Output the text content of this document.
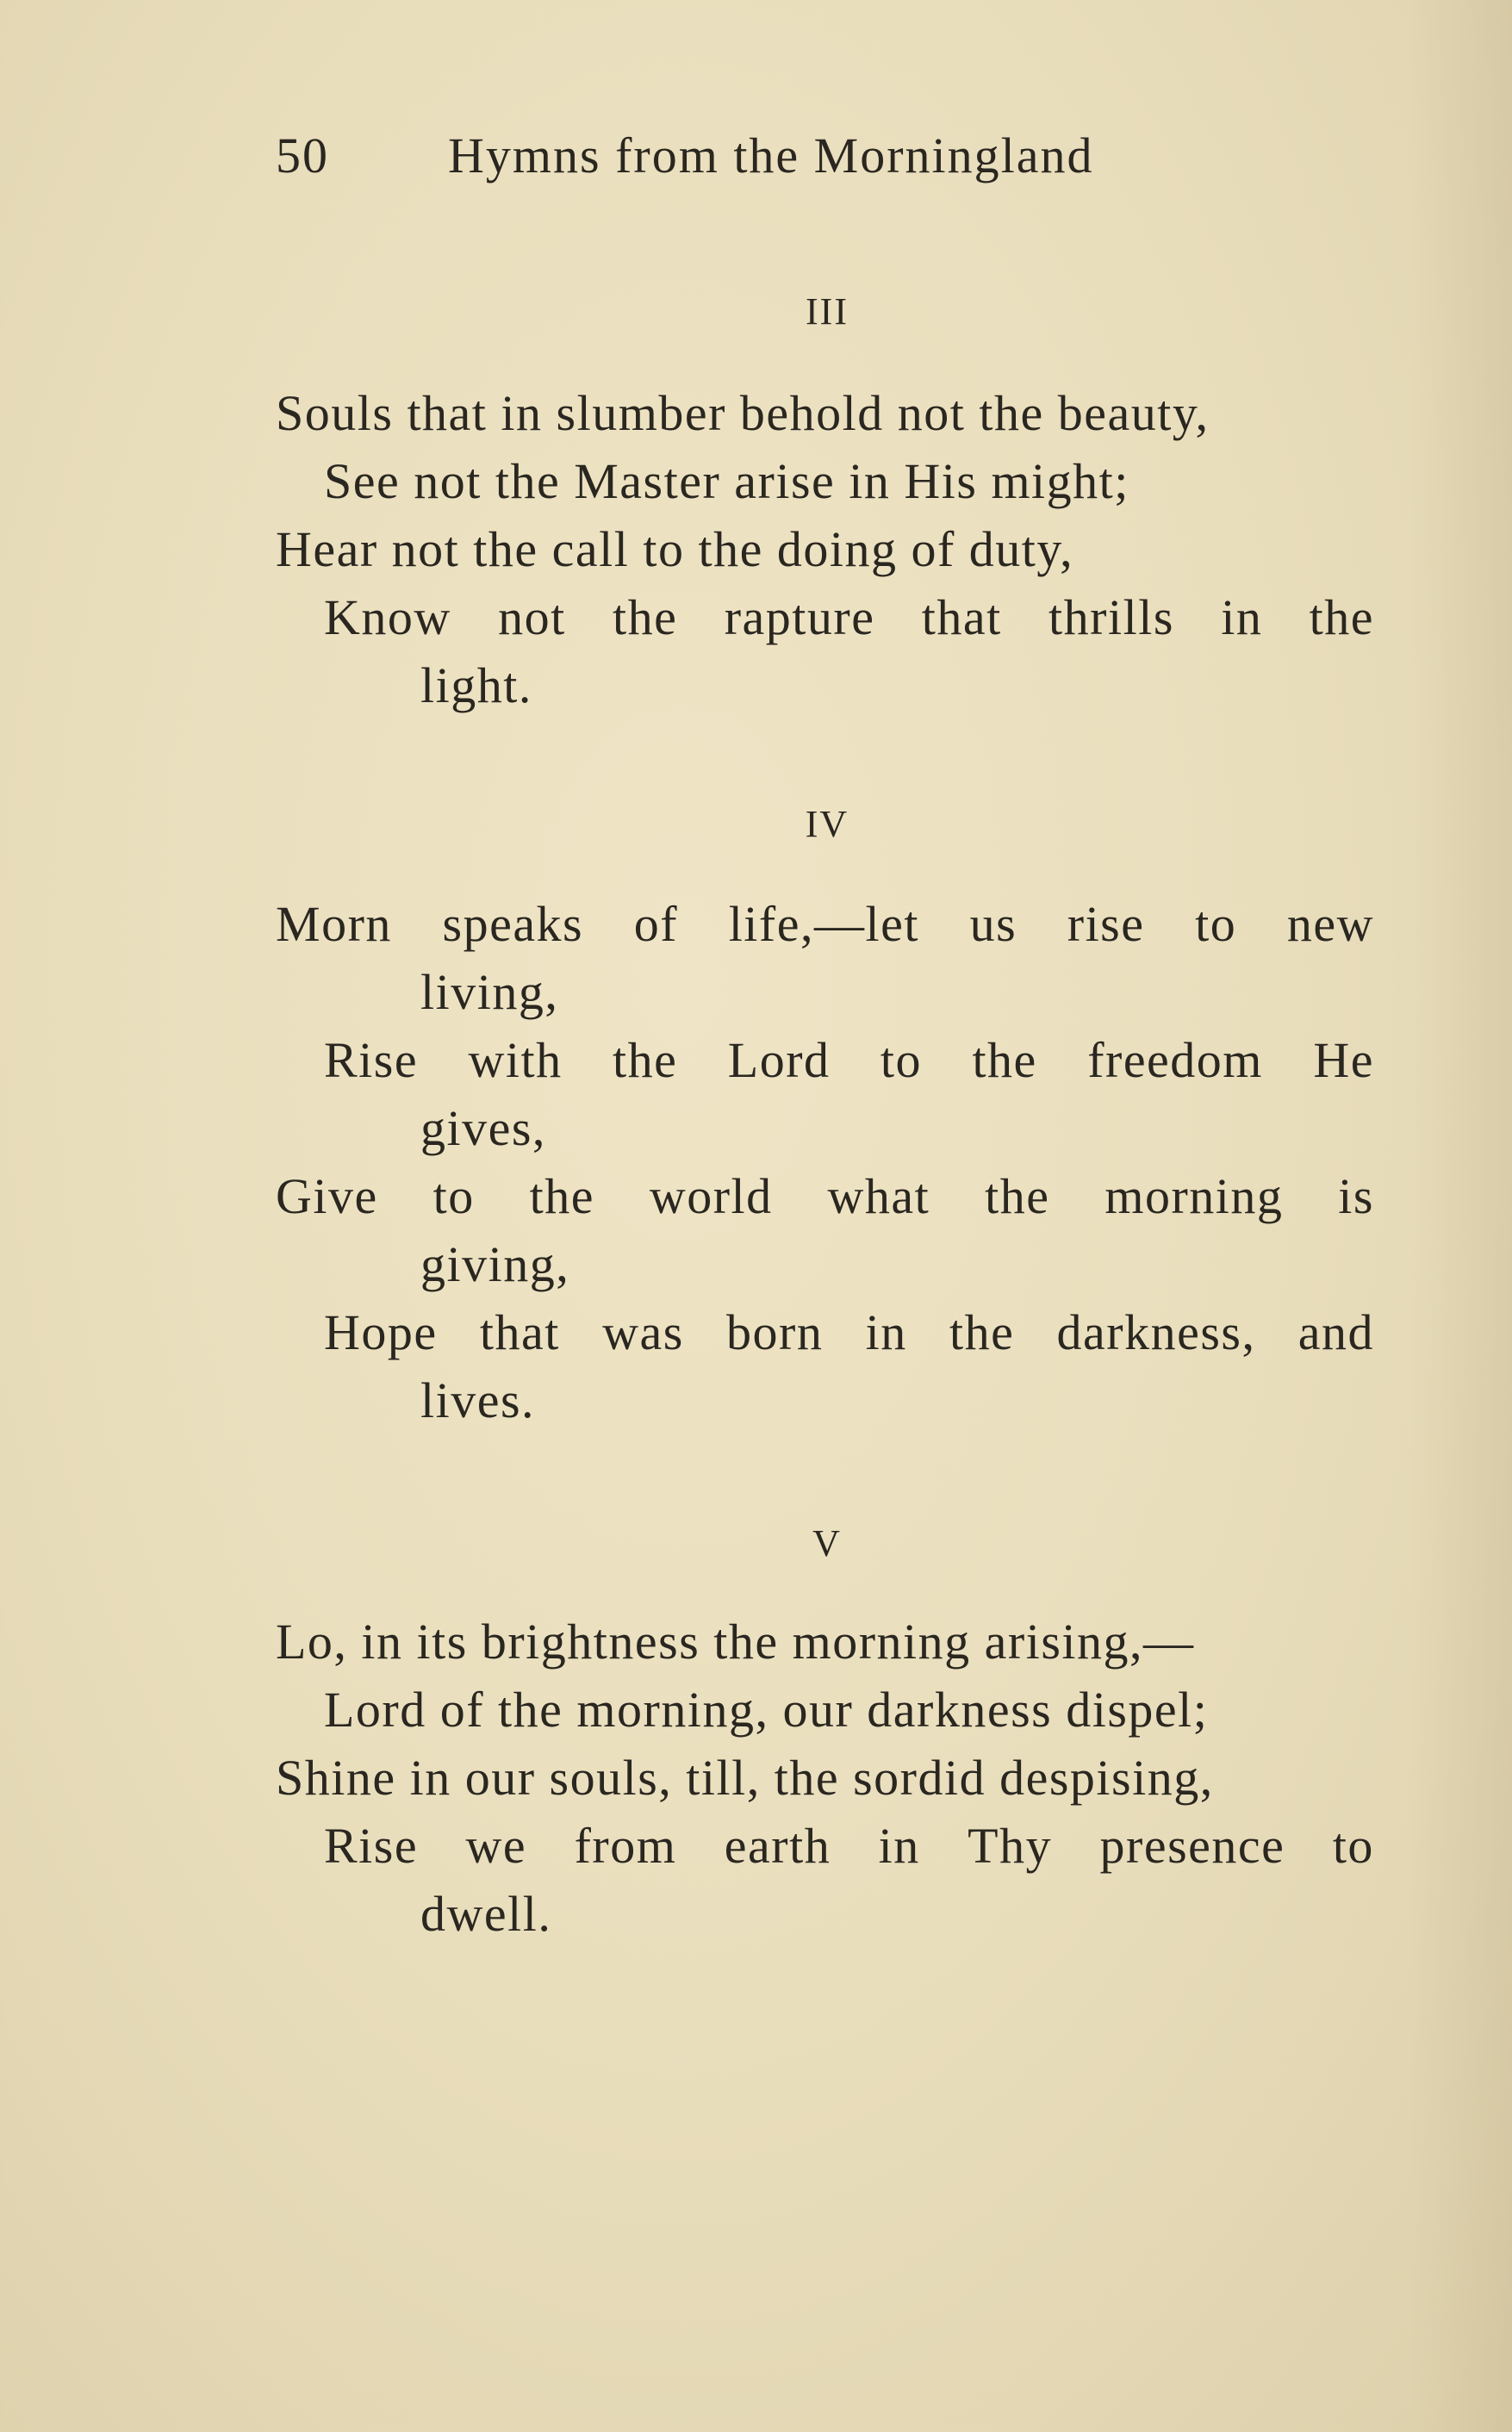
50 Hymns from the Morningland
III
Souls that in slumber behold not the beauty,
See not the Master arise in His might;
Hear not the call to the doing of duty,
Know not the rapture that thrills in the
light.
IV
Morn speaks of life,—let us rise to new
living,
Rise with the Lord to the freedom He
gives,
Give to the world what the morning is
giving,
Hope that was born in the darkness, and
lives.
V
Lo, in its brightness the morning arising,—
Lord of the morning, our darkness dispel;
Shine in our souls, till, the sordid despising,
Rise we from earth in Thy presence to
dwell.
